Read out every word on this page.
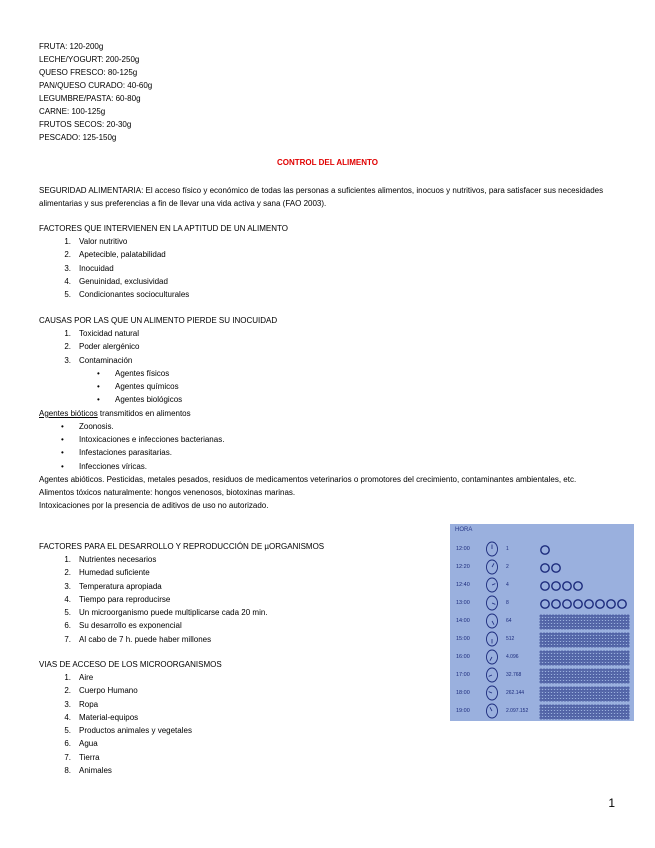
FRUTA: 120-200g
LECHE/YOGURT: 200-250g
QUESO FRESCO: 80-125g
PAN/QUESO CURADO: 40-60g
LEGUMBRE/PASTA: 60-80g
CARNE: 100-125g
FRUTOS SECOS: 20-30g
PESCADO: 125-150g
CONTROL DEL ALIMENTO
SEGURIDAD ALIMENTARIA: El acceso físico y económico de todas las personas a suficientes alimentos, inocuos y nutritivos, para satisfacer sus necesidades alimentarias y sus preferencias a fin de llevar una vida activa y sana (FAO 2003).
FACTORES QUE INTERVIENEN EN LA APTITUD DE UN ALIMENTO
1. Valor nutritivo
2. Apetecible, palatabilidad
3. Inocuidad
4. Genuinidad, exclusividad
5. Condicionantes socioculturales
CAUSAS POR LAS QUE UN ALIMENTO PIERDE SU INOCUIDAD
1. Toxicidad natural
2. Poder alergénico
3. Contaminación
• Agentes físicos
• Agentes químicos
• Agentes biológicos
Agentes bióticos transmitidos en alimentos
• Zoonosis.
• Intoxicaciones e infecciones bacterianas.
• Infestaciones parasitarias.
• Infecciones víricas.
Agentes abióticos. Pesticidas, metales pesados, residuos de medicamentos veterinarios o promotores del crecimiento, contaminantes ambientales, etc.
Alimentos tóxicos naturalmente: hongos venenosos, biotoxinas marinas.
Intoxicaciones por la presencia de aditivos de uso no autorizado.
FACTORES PARA EL DESARROLLO Y REPRODUCCIÓN DE µORGANISMOS
1. Nutrientes necesarios
2. Humedad suficiente
3. Temperatura apropiada
4. Tiempo para reproducirse
5. Un microorganismo puede multiplicarse cada 20 min.
6. Su desarrollo es exponencial
7. Al cabo de 7 h. puede haber millones
VIAS DE ACCESO DE LOS MICROORGANISMOS
1. Aire
2. Cuerpo Humano
3. Ropa
4. Material-equipos
5. Productos animales y vegetales
6. Agua
7. Tierra
8. Animales
HORA
12:00	1
12:20	2
12:40	4
13:00	8
14:00	64
15:00	512
16:00	4.096
17:00	32.768
18:00	262.144
19:00	2.097.152
1
